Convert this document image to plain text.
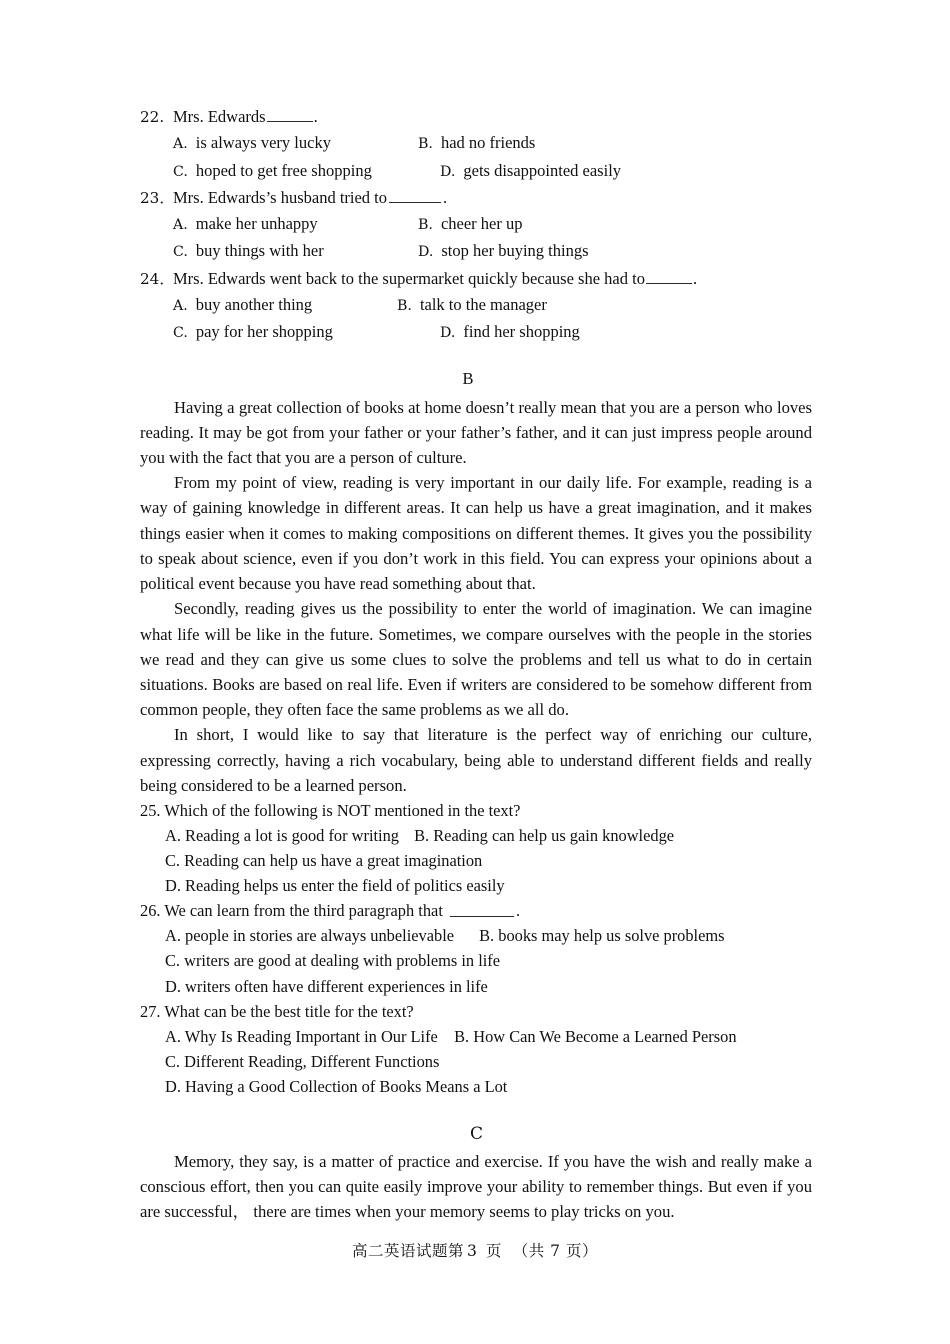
22. Mrs. Edwards	.
A. is always very lucky	B. had no friends
C. hoped to get free shopping	D. gets disappointed easily
23．
Mrs. Edwards’s husband tried to	.
A. make her unhappy	B. cheer her up
C. buy things with her	D. stop her buying things
24．
Mrs. Edwards went back to the supermarket quickly because she had to	.
A. buy another thing	B. talk to the manager
C. pay for her shopping	D. find her shopping
B

Having a great collection of books at home doesn’t really mean that you are a person who loves reading. It may be got from your father or your father’s father, and it can just impress people around you with the fact that you are a person of culture.

From my point of view, reading is very important in our daily life. For example, reading is a way of gaining knowledge in different areas. It can help us have a great imagination, and it makes things easier when it comes to making compositions on different themes. It gives you the possibility to speak about science, even if you don’t work in this field. You can express your opinions about a political event because you have read something about that.

Secondly, reading gives us the possibility to enter the world of imagination. We can imagine what life will be like in the future. Sometimes, we compare ourselves with the people in the stories we read and they can give us some clues to solve the problems and tell us what to do in certain situations. Books are based on real life. Even if writers are considered to be somehow different from common people, they often face the same problems as we all do.

In short, I would like to say that literature is the perfect way of enriching our culture, expressing correctly, having a rich vocabulary, being able to understand different fields and really being considered to be a learned person.

25. Which of the following is NOT mentioned in the text?
A. Reading a lot is good for writing B. Reading can help us gain knowledge
C. Reading can help us have a great imagination
D. Reading helps us enter the field of politics easily
26. We can learn from the third paragraph that	.
A. people in stories are always unbelievable B. books may help us solve problems
C. writers are good at dealing with problems in life
D. writers often have different experiences in life
27. What can be the best title for the text?
A. Why Is Reading Important in Our Life B. How Can We Become a Learned Person
C. Different Reading, Different Functions
D. Having a Good Collection of Books Means a Lot
C

Memory, they say, is a matter of practice and exercise. If you have the wish and really make a conscious effort, then you can quite easily improve your ability to remember things. But even if you are successful， there are times when your memory seems to play tricks on you.

高二英语试题第 3 页 （共 7 页）
